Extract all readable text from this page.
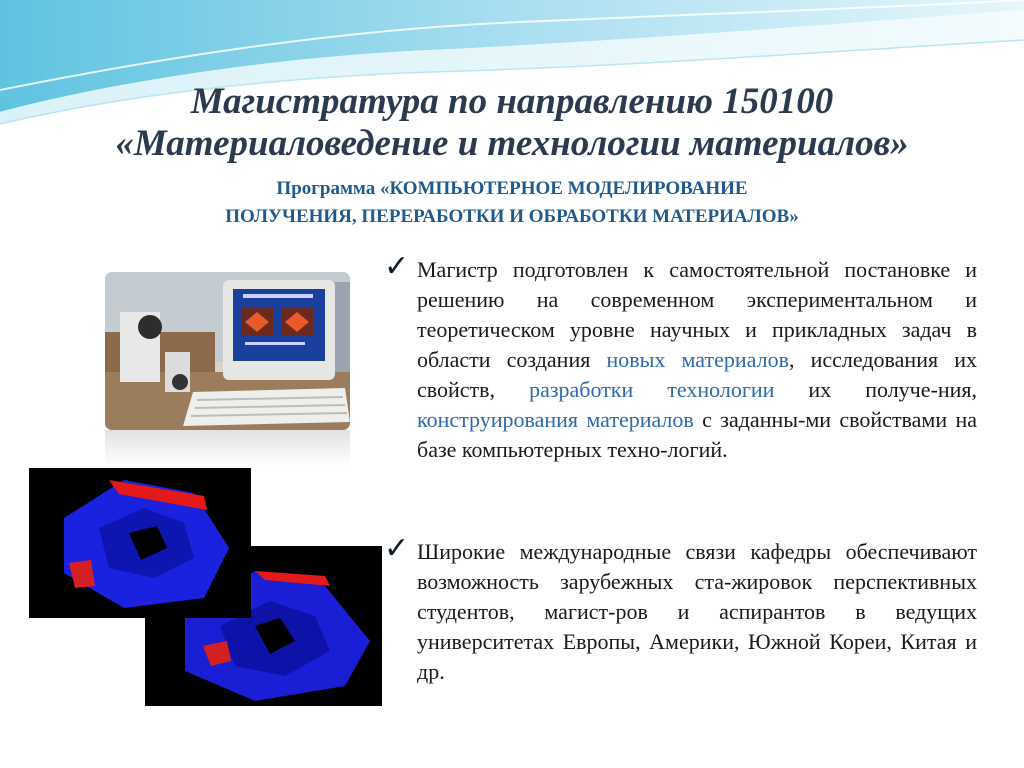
Магистратура по направлению 150100
«Материаловедение и технологии материалов»
Программа «КОМПЬЮТЕРНОЕ МОДЕЛИРОВАНИЕ
ПОЛУЧЕНИЯ, ПЕРЕРАБОТКИ И ОБРАБОТКИ МАТЕРИАЛОВ»
✓ Магистр подготовлен к самостоятельной постановке и решению на современном экспериментальном и теоретическом уровне научных и прикладных задач в области создания новых материалов, исследования их свойств, разработки технологии их получе-ния, конструирования материалов с заданны-ми свойствами на базе компьютерных техно-логий.
✓ Широкие международные связи кафедры обеспечивают возможность зарубежных ста-жировок перспективных студентов, магист-ров и аспирантов в ведущих университетах Европы, Америки, Южной Кореи, Китая и др.
